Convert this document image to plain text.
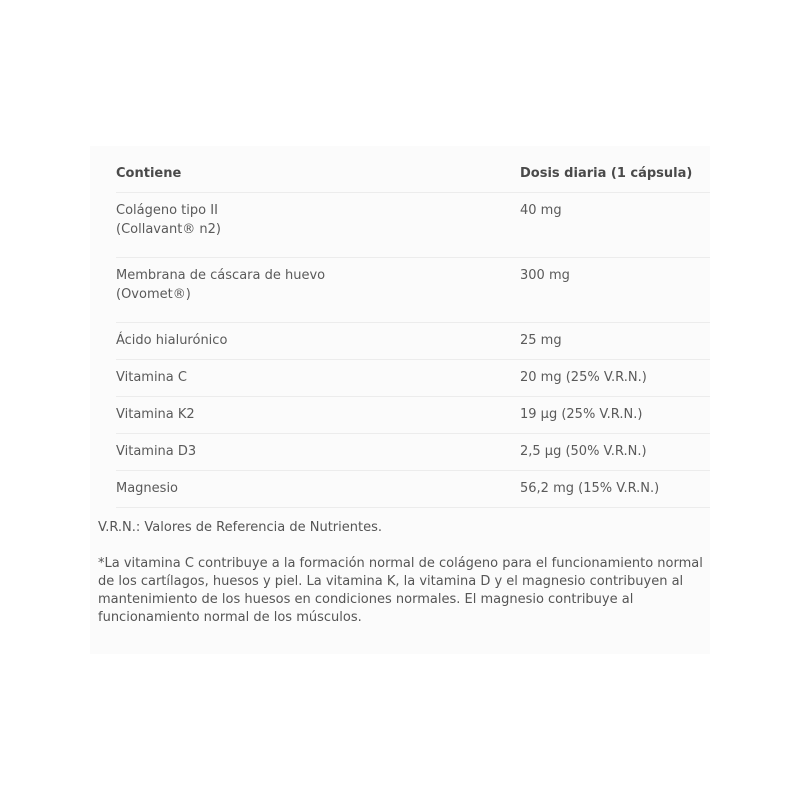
Contiene	Dosis diaria (1 cápsula)
Colágeno tipo II
(Collavant® n2)	40 mg
Membrana de cáscara de huevo
(Ovomet®)	300 mg
Ácido hialurónico	25 mg
Vitamina C	20 mg (25% V.R.N.)
Vitamina K2	19 µg (25% V.R.N.)
Vitamina D3	2,5 µg (50% V.R.N.)
Magnesio	56,2 mg (15% V.R.N.)

V.R.N.: Valores de Referencia de Nutrientes.

*La vitamina C contribuye a la formación normal de colágeno para el funcionamiento normal de los cartílagos, huesos y piel. La vitamina K, la vitamina D y el magnesio contribuyen al mantenimiento de los huesos en condiciones normales. El magnesio contribuye al funcionamiento normal de los músculos.
